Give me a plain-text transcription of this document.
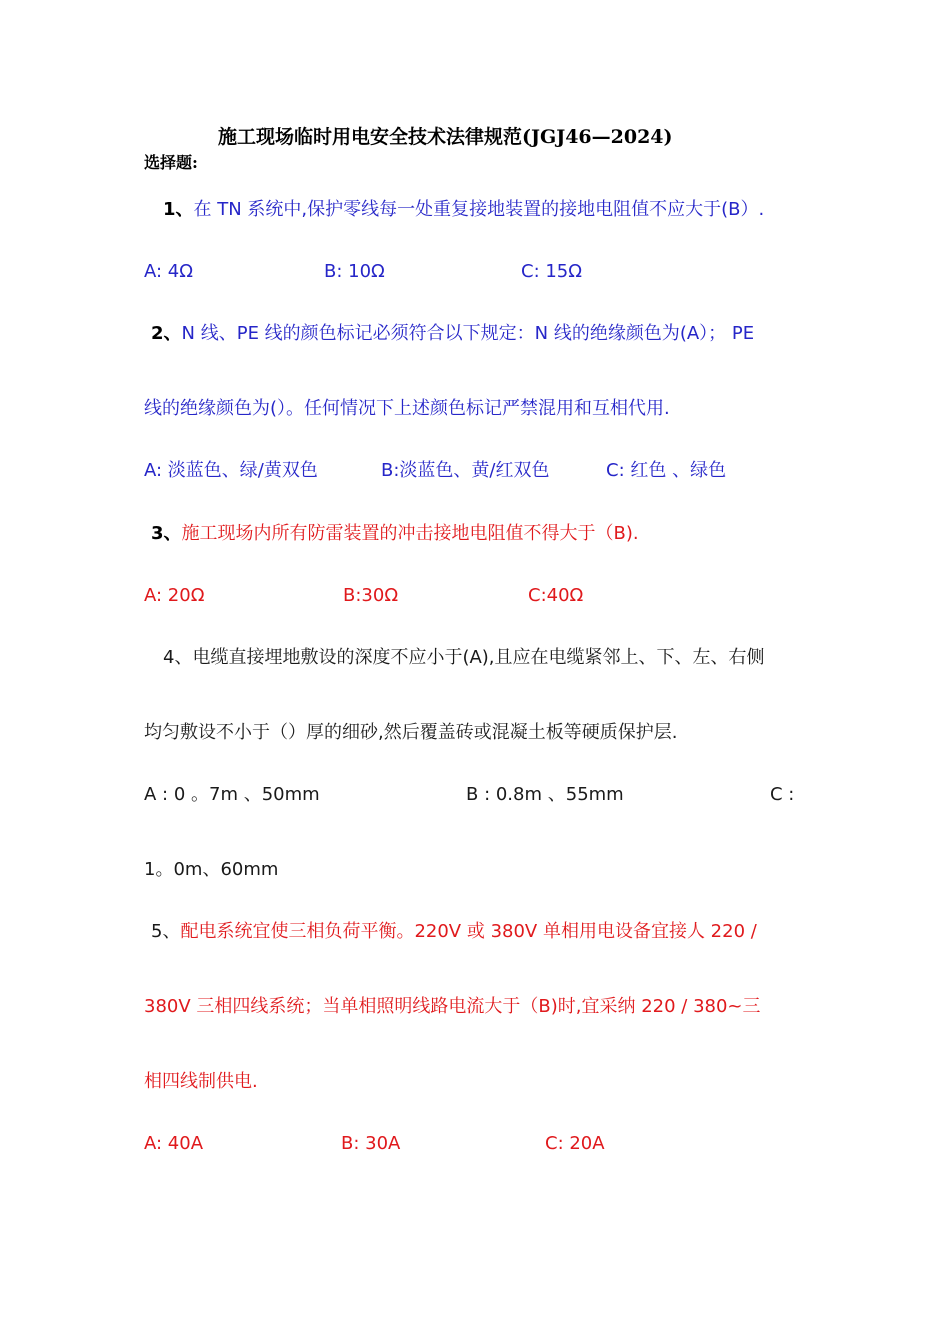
施工现场临时用电安全技术法律规范(JGJ46—2024)
选择题:
1、在 TN 系统中,保护零线每一处重复接地装置的接地电阻值不应大于(B）.
A: 4Ω	B: 10Ω	C: 15Ω
2、N 线、PE 线的颜色标记必须符合以下规定：N 线的绝缘颜色为(A）； PE
线的绝缘颜色为(）。任何情况下上述颜色标记严禁混用和互相代用.
A: 淡蓝色、绿/黄双色	B:淡蓝色、黄/红双色	C: 红色 、绿色
3、施工现场内所有防雷装置的冲击接地电阻值不得大于（B).
A: 20Ω	B:30Ω	C:40Ω
4、电缆直接埋地敷设的深度不应小于(A),且应在电缆紧邻上、下、左、右侧
均匀敷设不小于（）厚的细砂,然后覆盖砖或混凝土板等硬质保护层.
A : 0 。7m 、50mm	B : 0.8m 、55mm	C :
1。0m、60mm
5、配电系统宜使三相负荷平衡。220V 或 380V 单相用电设备宜接人 220 /
380V 三相四线系统；当单相照明线路电流大于（B)时,宜采纳 220 / 380~三
相四线制供电.
A: 40A	B: 30A	C: 20A
